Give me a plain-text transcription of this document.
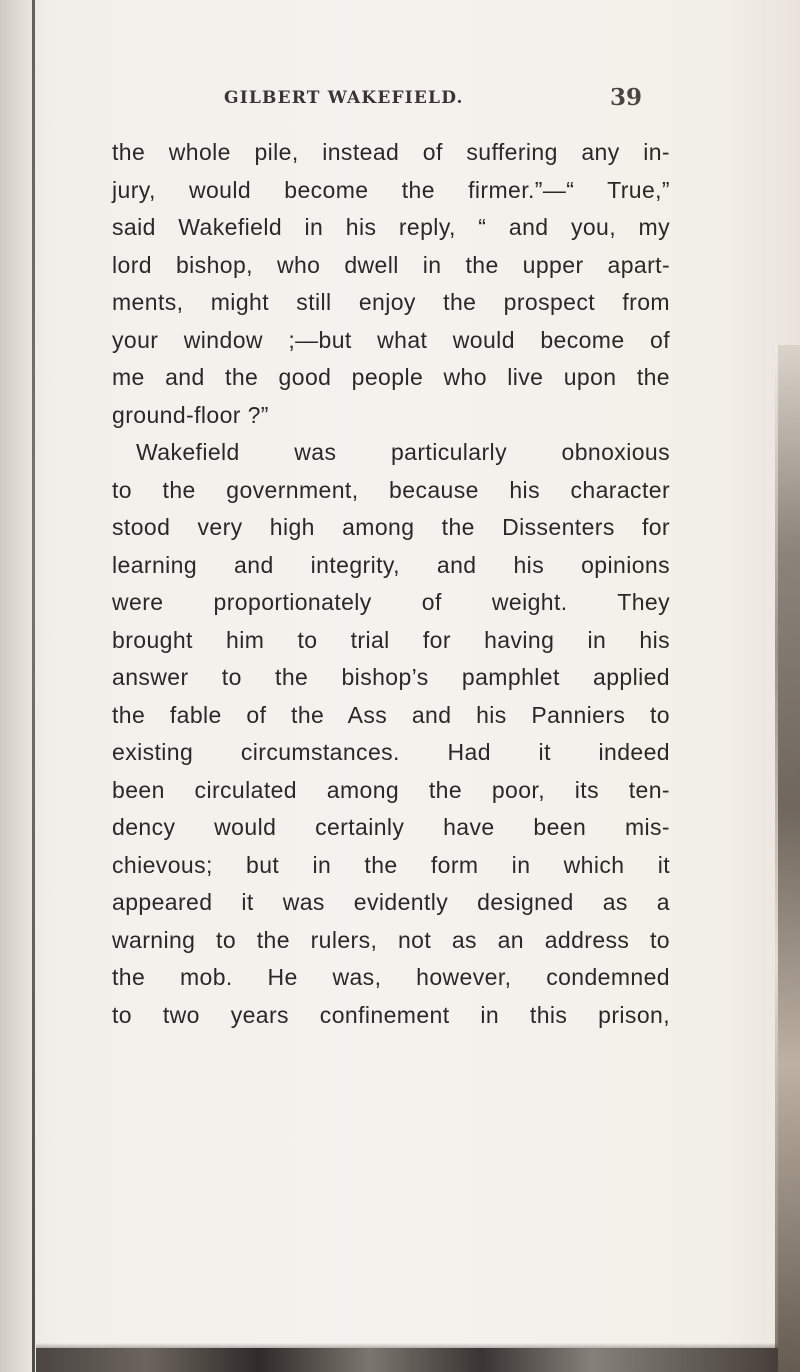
GILBERT WAKEFIELD.	39
the whole pile, instead of suffering any in-
jury, would become the firmer.”—“ True,”
said Wakefield in his reply, “ and you, my
lord bishop, who dwell in the upper apart-
ments, might still enjoy the prospect from
your window ;—but what would become of
me and the good people who live upon the
ground-floor ?”
Wakefield was particularly obnoxious
to the government, because his character
stood very high among the Dissenters for
learning and integrity, and his opinions
were proportionately of weight. They
brought him to trial for having in his
answer to the bishop’s pamphlet applied
the fable of the Ass and his Panniers to
existing circumstances. Had it indeed
been circulated among the poor, its ten-
dency would certainly have been mis-
chievous; but in the form in which it
appeared it was evidently designed as a
warning to the rulers, not as an address to
the mob. He was, however, condemned
to two years confinement in this prison,
